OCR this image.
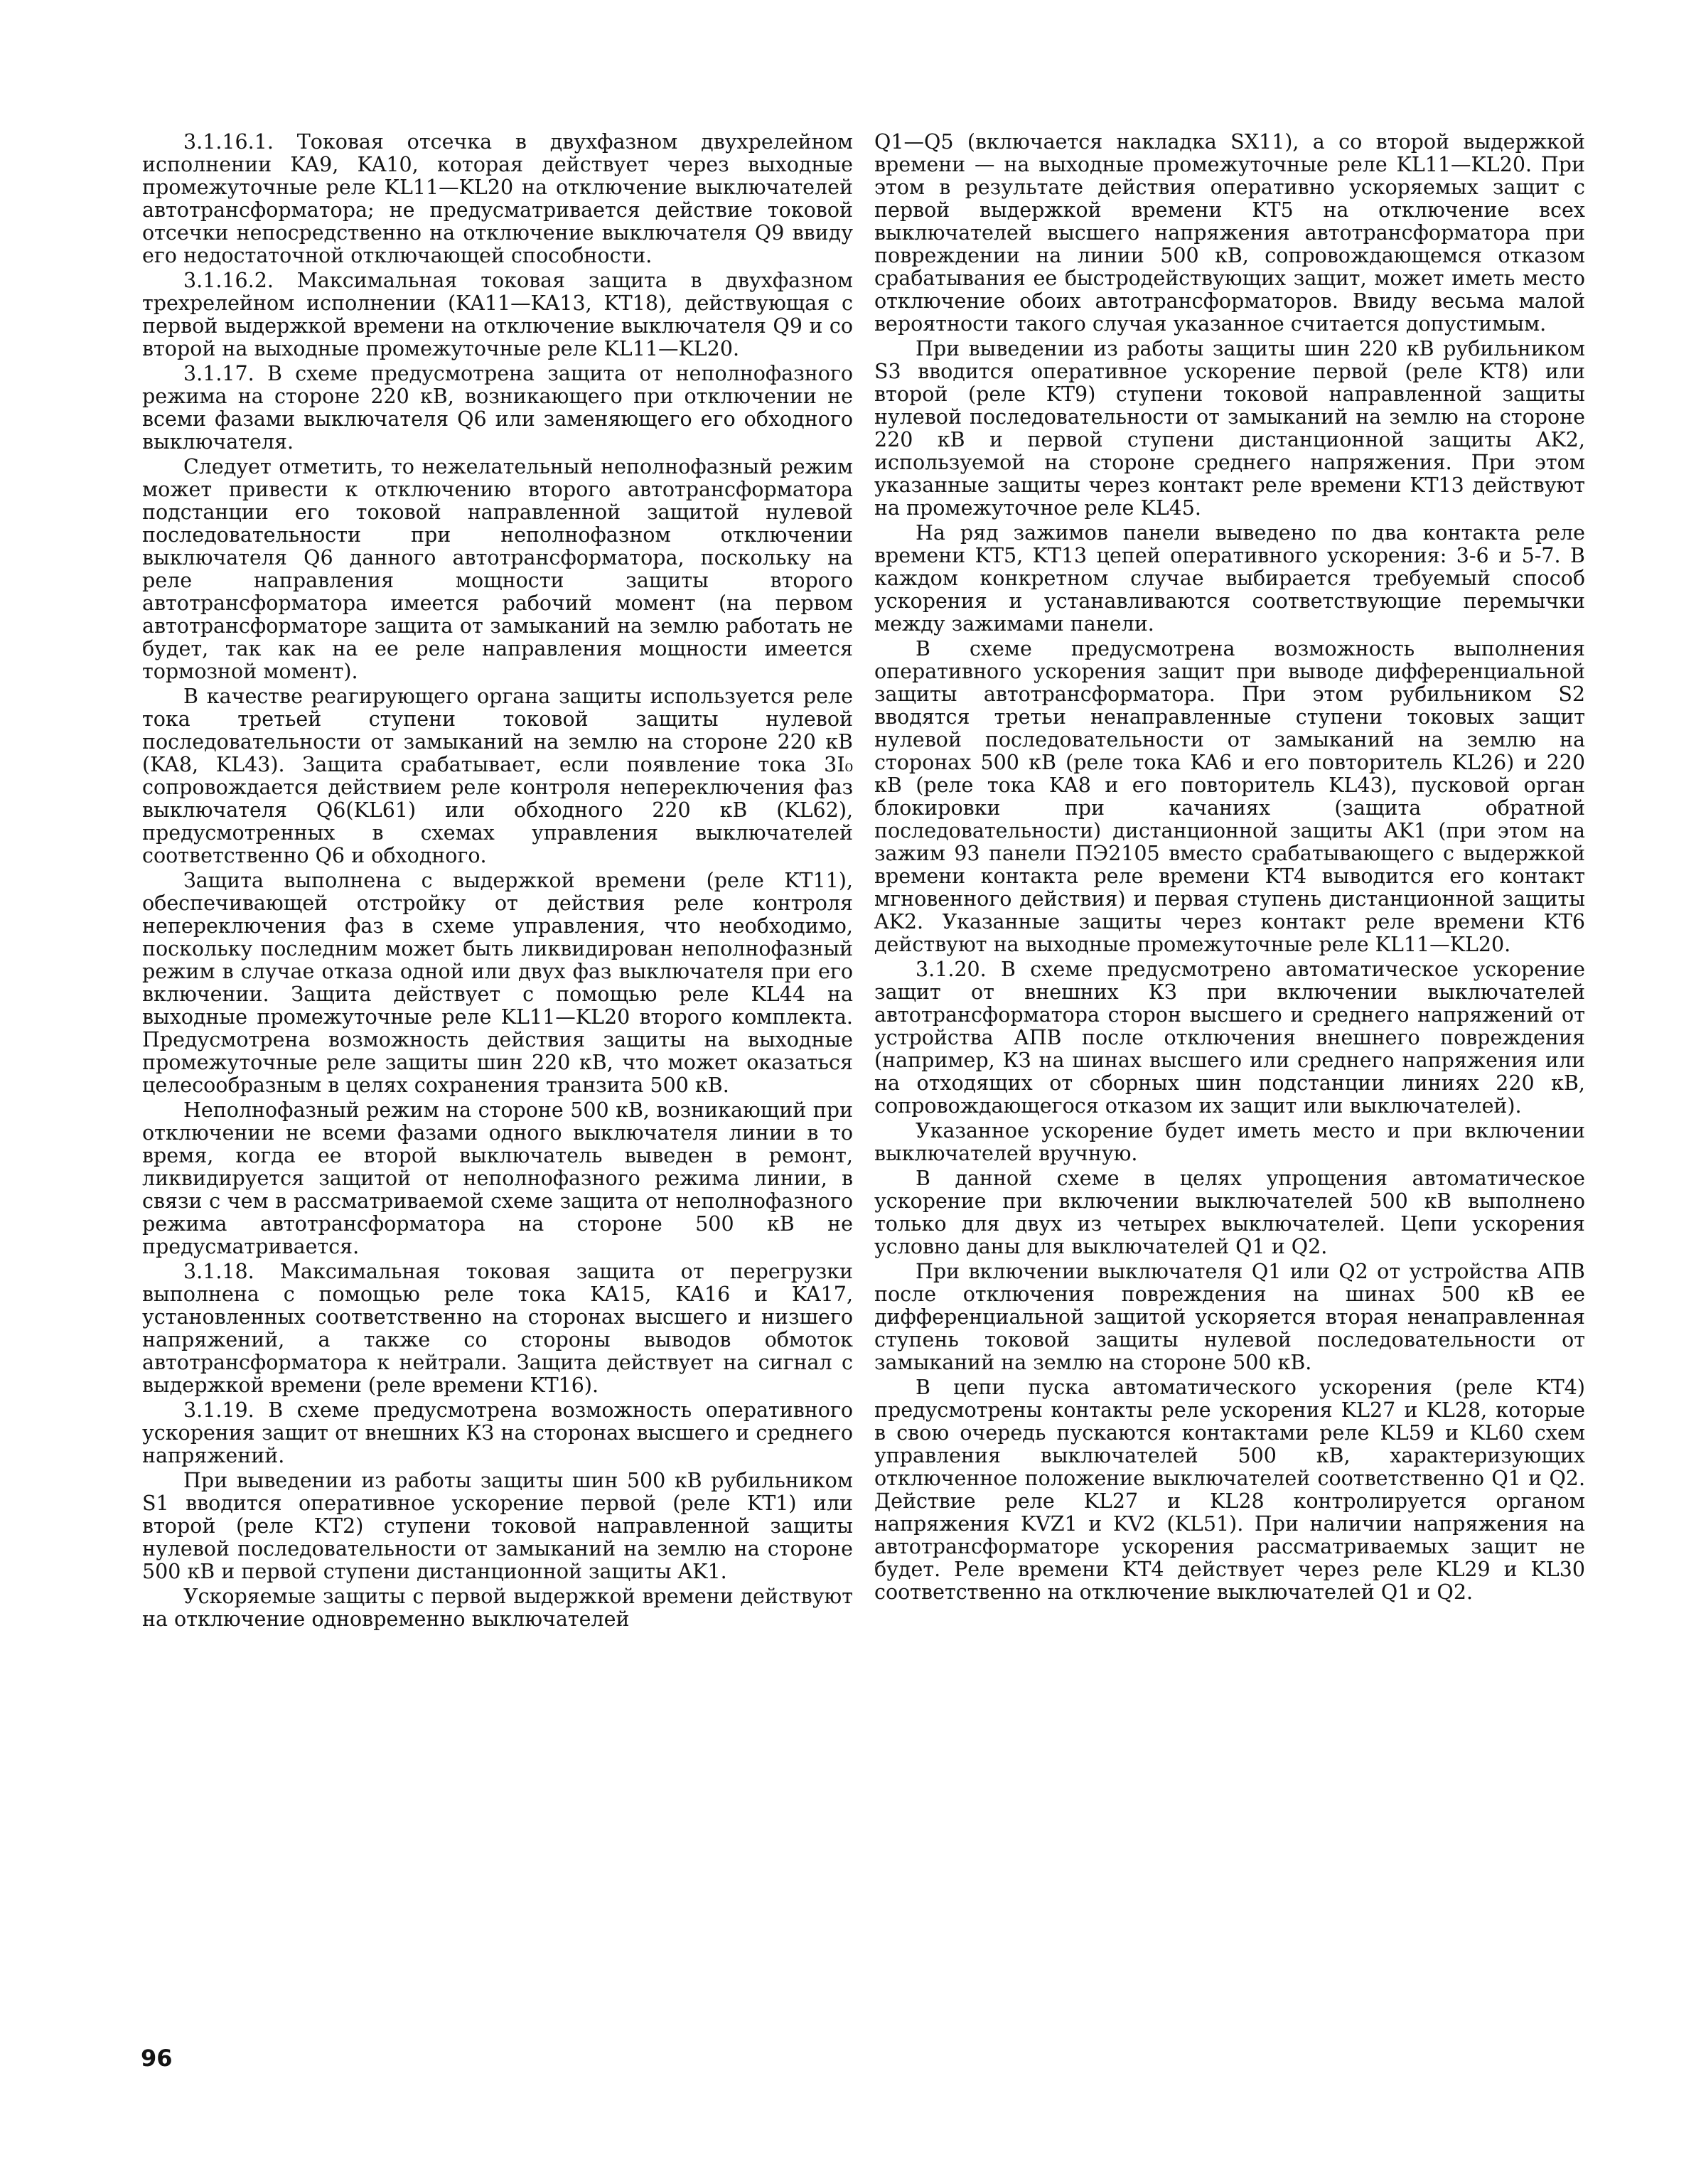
3.1.16.1. Токовая отсечка в двухфазном двухрелейном исполнении KA9, KA10, которая действует через выходные промежуточные реле KL11—KL20 на отключение выключателей автотрансформатора; не предусматривается действие токовой отсечки непосредственно на отключение выключателя Q9 ввиду его недостаточной отключающей способности.

3.1.16.2. Максимальная токовая защита в двухфазном трехрелейном исполнении (KA11—KA13, KT18), действующая с первой выдержкой времени на отключение выключателя Q9 и со второй на выходные промежуточные реле KL11—KL20.

3.1.17. В схеме предусмотрена защита от неполнофазного режима на стороне 220 кВ, возникающего при отключении не всеми фазами выключателя Q6 или заменяющего его обходного выключателя.

Следует отметить, то нежелательный неполнофазный режим может привести к отключению второго автотрансформатора подстанции его токовой направленной защитой нулевой последовательности при неполнофазном отключении выключателя Q6 данного автотрансформатора, поскольку на реле направления мощности защиты второго автотрансформатора имеется рабочий момент (на первом автотрансформаторе защита от замыканий на землю работать не будет, так как на ее реле направления мощности имеется тормозной момент).

В качестве реагирующего органа защиты используется реле тока третьей ступени токовой защиты нулевой последовательности от замыканий на землю на стороне 220 кВ (KA8, KL43). Защита срабатывает, если появление тока 3I₀ сопровождается действием реле контроля непереключения фаз выключателя Q6(KL61) или обходного 220 кВ (KL62), предусмотренных в схемах управления выключателей соответственно Q6 и обходного.

Защита выполнена с выдержкой времени (реле KT11), обеспечивающей отстройку от действия реле контроля непереключения фаз в схеме управления, что необходимо, поскольку последним может быть ликвидирован неполнофазный режим в случае отказа одной или двух фаз выключателя при его включении. Защита действует с помощью реле KL44 на выходные промежуточные реле KL11—KL20 второго комплекта. Предусмотрена возможность действия защиты на выходные промежуточные реле защиты шин 220 кВ, что может оказаться целесообразным в целях сохранения транзита 500 кВ.

Неполнофазный режим на стороне 500 кВ, возникающий при отключении не всеми фазами одного выключателя линии в то время, когда ее второй выключатель выведен в ремонт, ликвидируется защитой от неполнофазного режима линии, в связи с чем в рассматриваемой схеме защита от неполнофазного режима автотрансформатора на стороне 500 кВ не предусматривается.

3.1.18. Максимальная токовая защита от перегрузки выполнена с помощью реле тока KA15, KA16 и KA17, установленных соответственно на сторонах высшего и низшего напряжений, а также со стороны выводов обмоток автотрансформатора к нейтрали. Защита действует на сигнал с выдержкой времени (реле времени KT16).

3.1.19. В схеме предусмотрена возможность оперативного ускорения защит от внешних КЗ на сторонах высшего и среднего напряжений.

При выведении из работы защиты шин 500 кВ рубильником S1 вводится оперативное ускорение первой (реле KT1) или второй (реле KT2) ступени токовой направленной защиты нулевой последовательности от замыканий на землю на стороне 500 кВ и первой ступени дистанционной защиты AK1.

Ускоряемые защиты с первой выдержкой времени действуют на отключение одновременно выключателей

Q1—Q5 (включается накладка SX11), а со второй выдержкой времени — на выходные промежуточные реле KL11—KL20. При этом в результате действия оперативно ускоряемых защит с первой выдержкой времени KT5 на отключение всех выключателей высшего напряжения автотрансформатора при повреждении на линии 500 кВ, сопровождающемся отказом срабатывания ее быстродействующих защит, может иметь место отключение обоих автотрансформаторов. Ввиду весьма малой вероятности такого случая указанное считается допустимым.

При выведении из работы защиты шин 220 кВ рубильником S3 вводится оперативное ускорение первой (реле KT8) или второй (реле KT9) ступени токовой направленной защиты нулевой последовательности от замыканий на землю на стороне 220 кВ и первой ступени дистанционной защиты AK2, используемой на стороне среднего напряжения. При этом указанные защиты через контакт реле времени KT13 действуют на промежуточное реле KL45.

На ряд зажимов панели выведено по два контакта реле времени KT5, KT13 цепей оперативного ускорения: 3-6 и 5-7. В каждом конкретном случае выбирается требуемый способ ускорения и устанавливаются соответствующие перемычки между зажимами панели.

В схеме предусмотрена возможность выполнения оперативного ускорения защит при выводе дифференциальной защиты автотрансформатора. При этом рубильником S2 вводятся третьи ненаправленные ступени токовых защит нулевой последовательности от замыканий на землю на сторонах 500 кВ (реле тока KA6 и его повторитель KL26) и 220 кВ (реле тока KA8 и его повторитель KL43), пусковой орган блокировки при качаниях (защита обратной последовательности) дистанционной защиты AK1 (при этом на зажим 93 панели ПЭ2105 вместо срабатывающего с выдержкой времени контакта реле времени KT4 выводится его контакт мгновенного действия) и первая ступень дистанционной защиты AK2. Указанные защиты через контакт реле времени KT6 действуют на выходные промежуточные реле KL11—KL20.

3.1.20. В схеме предусмотрено автоматическое ускорение защит от внешних КЗ при включении выключателей автотрансформатора сторон высшего и среднего напряжений от устройства АПВ после отключения внешнего повреждения (например, КЗ на шинах высшего или среднего напряжения или на отходящих от сборных шин подстанции линиях 220 кВ, сопровождающегося отказом их защит или выключателей).

Указанное ускорение будет иметь место и при включении выключателей вручную.

В данной схеме в целях упрощения автоматическое ускорение при включении выключателей 500 кВ выполнено только для двух из четырех выключателей. Цепи ускорения условно даны для выключателей Q1 и Q2.

При включении выключателя Q1 или Q2 от устройства АПВ после отключения повреждения на шинах 500 кВ ее дифференциальной защитой ускоряется вторая ненаправленная ступень токовой защиты нулевой последовательности от замыканий на землю на стороне 500 кВ.

В цепи пуска автоматического ускорения (реле KT4) предусмотрены контакты реле ускорения KL27 и KL28, которые в свою очередь пускаются контактами реле KL59 и KL60 схем управления выключателей 500 кВ, характеризующих отключенное положение выключателей соответственно Q1 и Q2. Действие реле KL27 и KL28 контролируется органом напряжения KVZ1 и KV2 (KL51). При наличии напряжения на автотрансформаторе ускорения рассматриваемых защит не будет. Реле времени KT4 действует через реле KL29 и KL30 соответственно на отключение выключателей Q1 и Q2.

96
